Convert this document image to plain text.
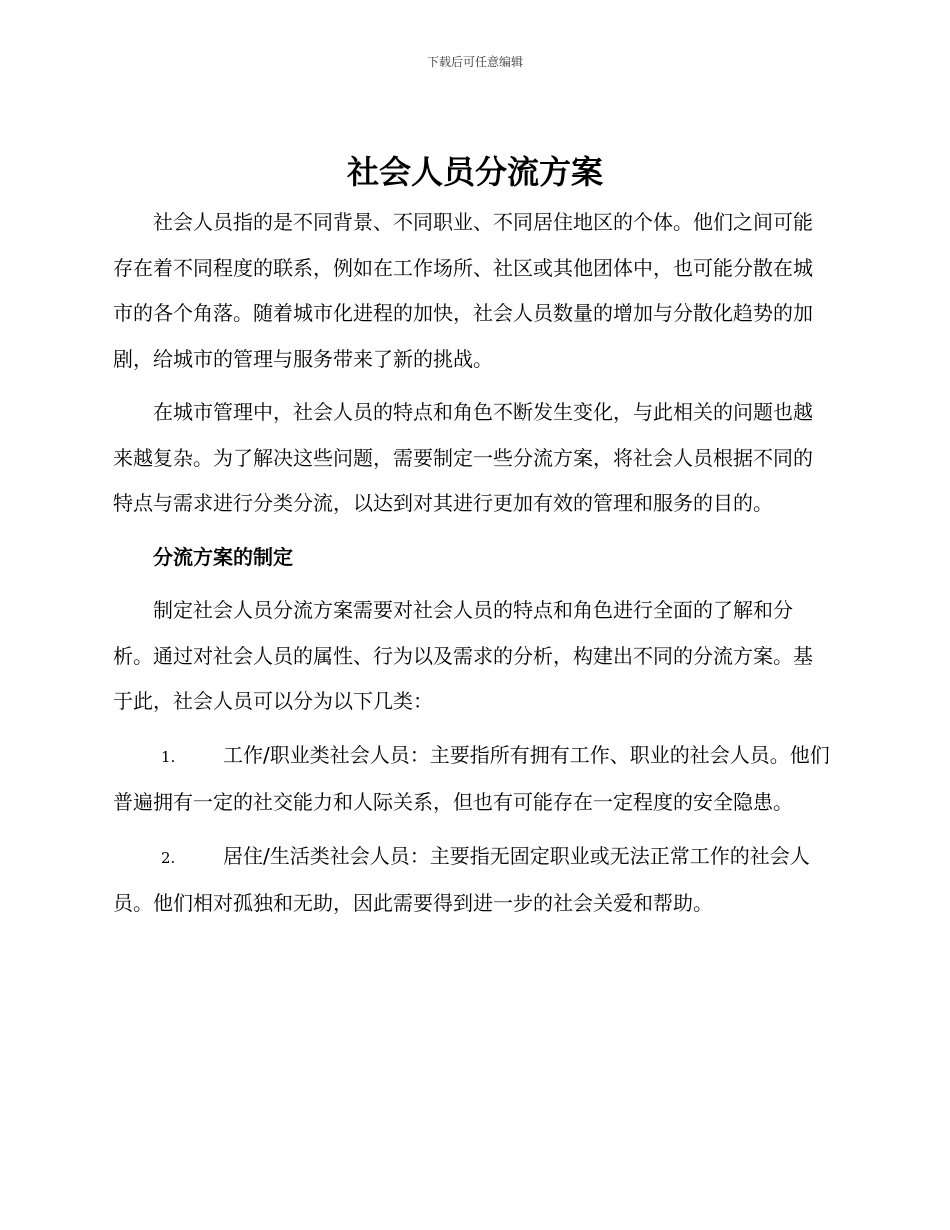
下载后可任意编辑
社会人员分流方案

社会人员指的是不同背景、不同职业、不同居住地区的个体。他们之间可能存在着不同程度的联系，例如在工作场所、社区或其他团体中，也可能分散在城市的各个角落。随着城市化进程的加快，社会人员数量的增加与分散化趋势的加剧，给城市的管理与服务带来了新的挑战。

在城市管理中，社会人员的特点和角色不断发生变化，与此相关的问题也越来越复杂。为了解决这些问题，需要制定一些分流方案，将社会人员根据不同的特点与需求进行分类分流，以达到对其进行更加有效的管理和服务的目的。

分流方案的制定

制定社会人员分流方案需要对社会人员的特点和角色进行全面的了解和分析。通过对社会人员的属性、行为以及需求的分析，构建出不同的分流方案。基于此，社会人员可以分为以下几类：

1. 工作/职业类社会人员：主要指所有拥有工作、职业的社会人员。他们普遍拥有一定的社交能力和人际关系，但也有可能存在一定程度的安全隐患。

2. 居住/生活类社会人员：主要指无固定职业或无法正常工作的社会人员。他们相对孤独和无助，因此需要得到进一步的社会关爱和帮助。
